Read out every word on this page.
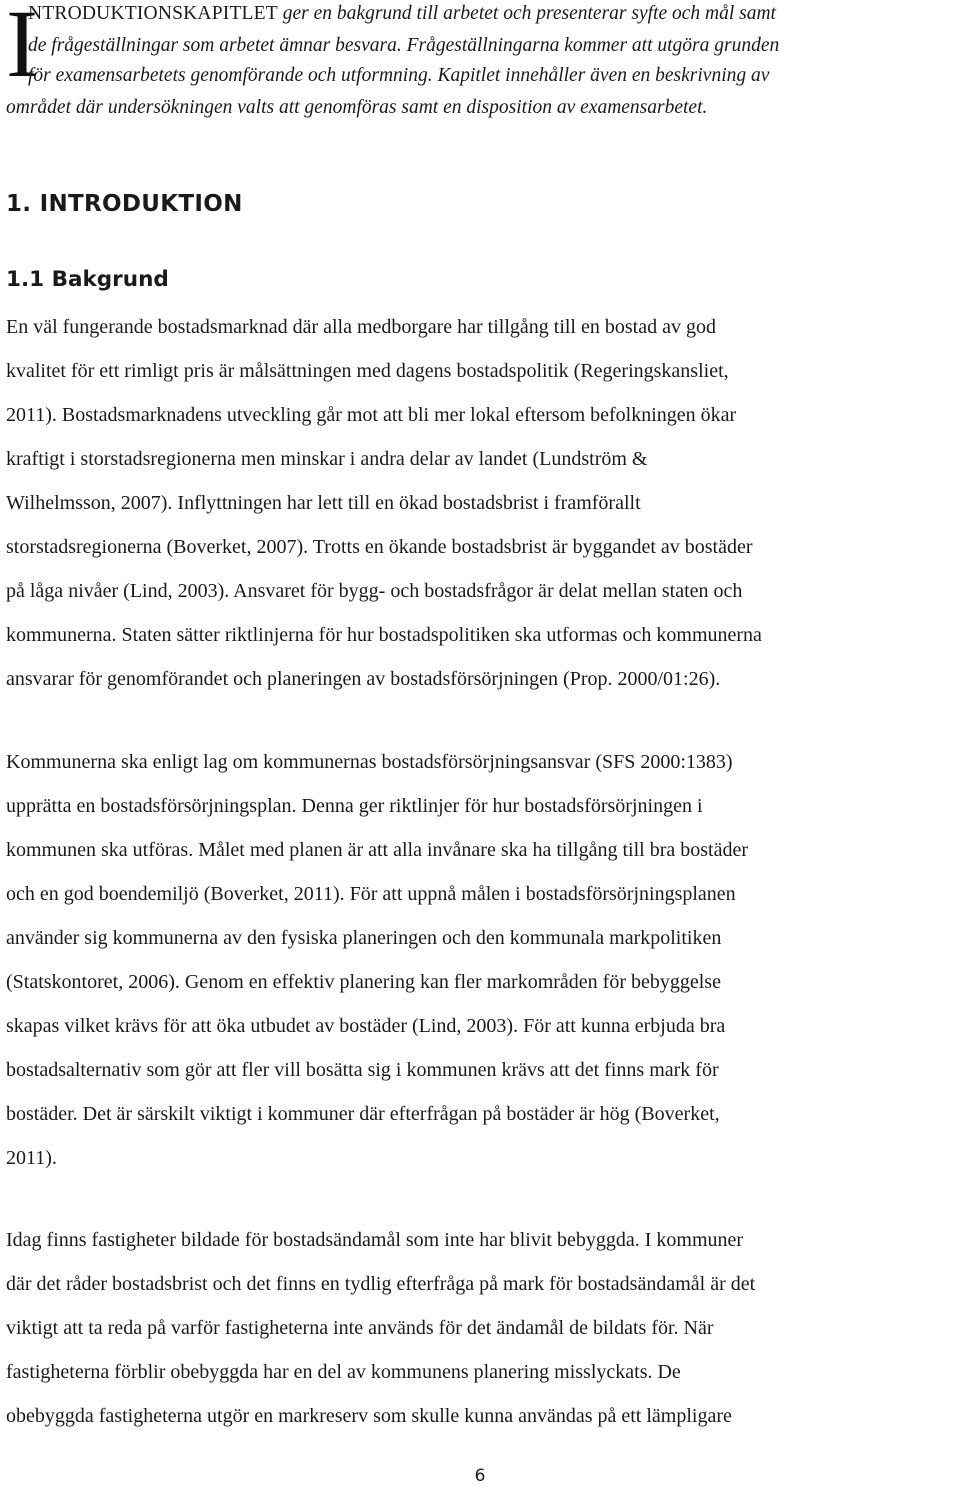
I
NTRODUKTIONSKAPITLET ger en bakgrund till arbetet och presenterar syfte och mål samt
de frågeställningar som arbetet ämnar besvara. Frågeställningarna kommer att utgöra grunden
för examensarbetets genomförande och utformning. Kapitlet innehåller även en beskrivning av
området där undersökningen valts att genomföras samt en disposition av examensarbetet.
1. INTRODUKTION
1.1 Bakgrund
En väl fungerande bostadsmarknad där alla medborgare har tillgång till en bostad av god
kvalitet för ett rimligt pris är målsättningen med dagens bostadspolitik (Regeringskansliet,
2011). Bostadsmarknadens utveckling går mot att bli mer lokal eftersom befolkningen ökar
kraftigt i storstadsregionerna men minskar i andra delar av landet (Lundström &
Wilhelmsson, 2007). Inflyttningen har lett till en ökad bostadsbrist i framförallt
storstadsregionerna (Boverket, 2007). Trotts en ökande bostadsbrist är byggandet av bostäder
på låga nivåer (Lind, 2003). Ansvaret för bygg- och bostadsfrågor är delat mellan staten och
kommunerna. Staten sätter riktlinjerna för hur bostadspolitiken ska utformas och kommunerna
ansvarar för genomförandet och planeringen av bostadsförsörjningen (Prop. 2000/01:26).
Kommunerna ska enligt lag om kommunernas bostadsförsörjningsansvar (SFS 2000:1383)
upprätta en bostadsförsörjningsplan. Denna ger riktlinjer för hur bostadsförsörjningen i
kommunen ska utföras. Målet med planen är att alla invånare ska ha tillgång till bra bostäder
och en god boendemiljö (Boverket, 2011). För att uppnå målen i bostadsförsörjningsplanen
använder sig kommunerna av den fysiska planeringen och den kommunala markpolitiken
(Statskontoret, 2006). Genom en effektiv planering kan fler markområden för bebyggelse
skapas vilket krävs för att öka utbudet av bostäder (Lind, 2003). För att kunna erbjuda bra
bostadsalternativ som gör att fler vill bosätta sig i kommunen krävs att det finns mark för
bostäder. Det är särskilt viktigt i kommuner där efterfrågan på bostäder är hög (Boverket,
2011).
Idag finns fastigheter bildade för bostadsändamål som inte har blivit bebyggda. I kommuner
där det råder bostadsbrist och det finns en tydlig efterfråga på mark för bostadsändamål är det
viktigt att ta reda på varför fastigheterna inte används för det ändamål de bildats för. När
fastigheterna förblir obebyggda har en del av kommunens planering misslyckats. De
obebyggda fastigheterna utgör en markreserv som skulle kunna användas på ett lämpligare
6
